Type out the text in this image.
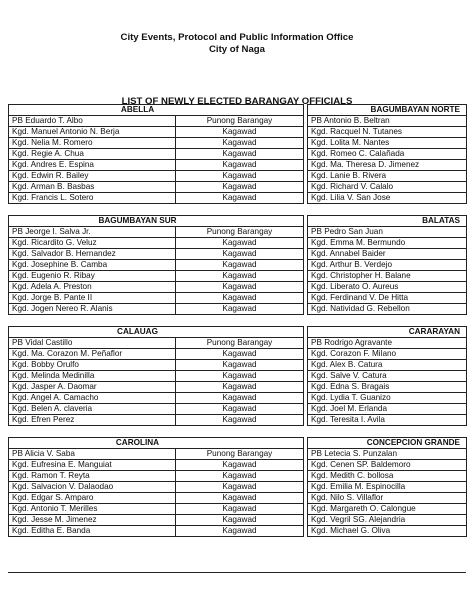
City Events, Protocol and Public Information Office
City of Naga
LIST OF NEWLY ELECTED BARANGAY OFFICIALS
ABELLA	
PB Eduardo T. Albo	Punong Barangay
Kgd. Manuel Antonio N. Berja	Kagawad
Kgd. Nelia M. Romero	Kagawad
Kgd. Regie A. Chua	Kagawad
Kgd. Andres E. Espina	Kagawad
Kgd. Edwin R. Bailey	Kagawad
Kgd. Arman B. Basbas	Kagawad
Kgd. Francis L. Sotero	Kagawad
BAGUMBAYAN NORTE
PB Antonio B. Beltran
Kgd. Racquel N. Tutanes
Kgd. Lolita M. Nantes
Kgd. Romeo C. Calañada
Kgd. Ma. Theresa D. Jimenez
Kgd. Lanie B. Rivera
Kgd. Richard V. Calalo
Kgd. Lilia V. San Jose
BAGUMBAYAN SUR	
PB Jeorge I. Salva Jr.	Punong Barangay
Kgd. Ricardito G. Veluz	Kagawad
Kgd. Salvador B. Hernandez	Kagawad
Kgd. Josephine B. Camba	Kagawad
Kgd. Eugenio R. Ribay	Kagawad
Kgd. Adela A. Preston	Kagawad
Kgd. Jorge B. Pante II	Kagawad
Kgd. Jogen Nereo R. Alanis	Kagawad
BALATAS
PB Pedro San Juan
Kgd. Emma M. Bermundo
Kgd. Annabel Baider
Kgd. Arthur B. Verdejo
Kgd. Christopher H. Balane
Kgd. Liberato O. Aureus
Kgd. Ferdinand V. De Hitta
Kgd. Natividad G. Rebellon
CALAUAG	
PB Vidal Castillo	Punong Barangay
Kgd. Ma. Corazon M. Peñaflor	Kagawad
Kgd. Bobby Orulfo	Kagawad
Kgd. Melinda Medinilla	Kagawad
Kgd. Jasper A. Daomar	Kagawad
Kgd. Angel A. Camacho	Kagawad
Kgd. Belen A. claveria	Kagawad
Kgd. Efren Perez	Kagawad
CARARAYAN
PB Rodrigo Agravante
Kgd. Corazon F. Milano
Kgd. Alex B. Catura
Kgd. Salve V. Catura
Kgd. Edna S. Bragais
Kgd. Lydia T. Guanizo
Kgd. Joel M. Erlanda
Kgd. Teresita I. Avila
CAROLINA	
PB Alicia V. Saba	Punong Barangay
Kgd. Eufresina E. Manguiat	Kagawad
Kgd. Ramon T. Reyta	Kagawad
Kgd. Salvacion V. Dalaodao	Kagawad
Kgd. Edgar S. Amparo	Kagawad
Kgd. Antonio T. Merilles	Kagawad
Kgd. Jesse M. Jimenez	Kagawad
Kgd. Editha E. Banda	Kagawad
CONCEPCION GRANDE
PB Letecia S. Punzalan
Kgd. Cenen SP. Baldemoro
Kgd. Medith C. bollosa
Kgd. Emilia M. Espinocilla
Kgd. Nilo S. Villaflor
Kgd. Margareth O. Calongue
Kgd. Vegril SG. Alejandria
Kgd. Michael G. Oliva
